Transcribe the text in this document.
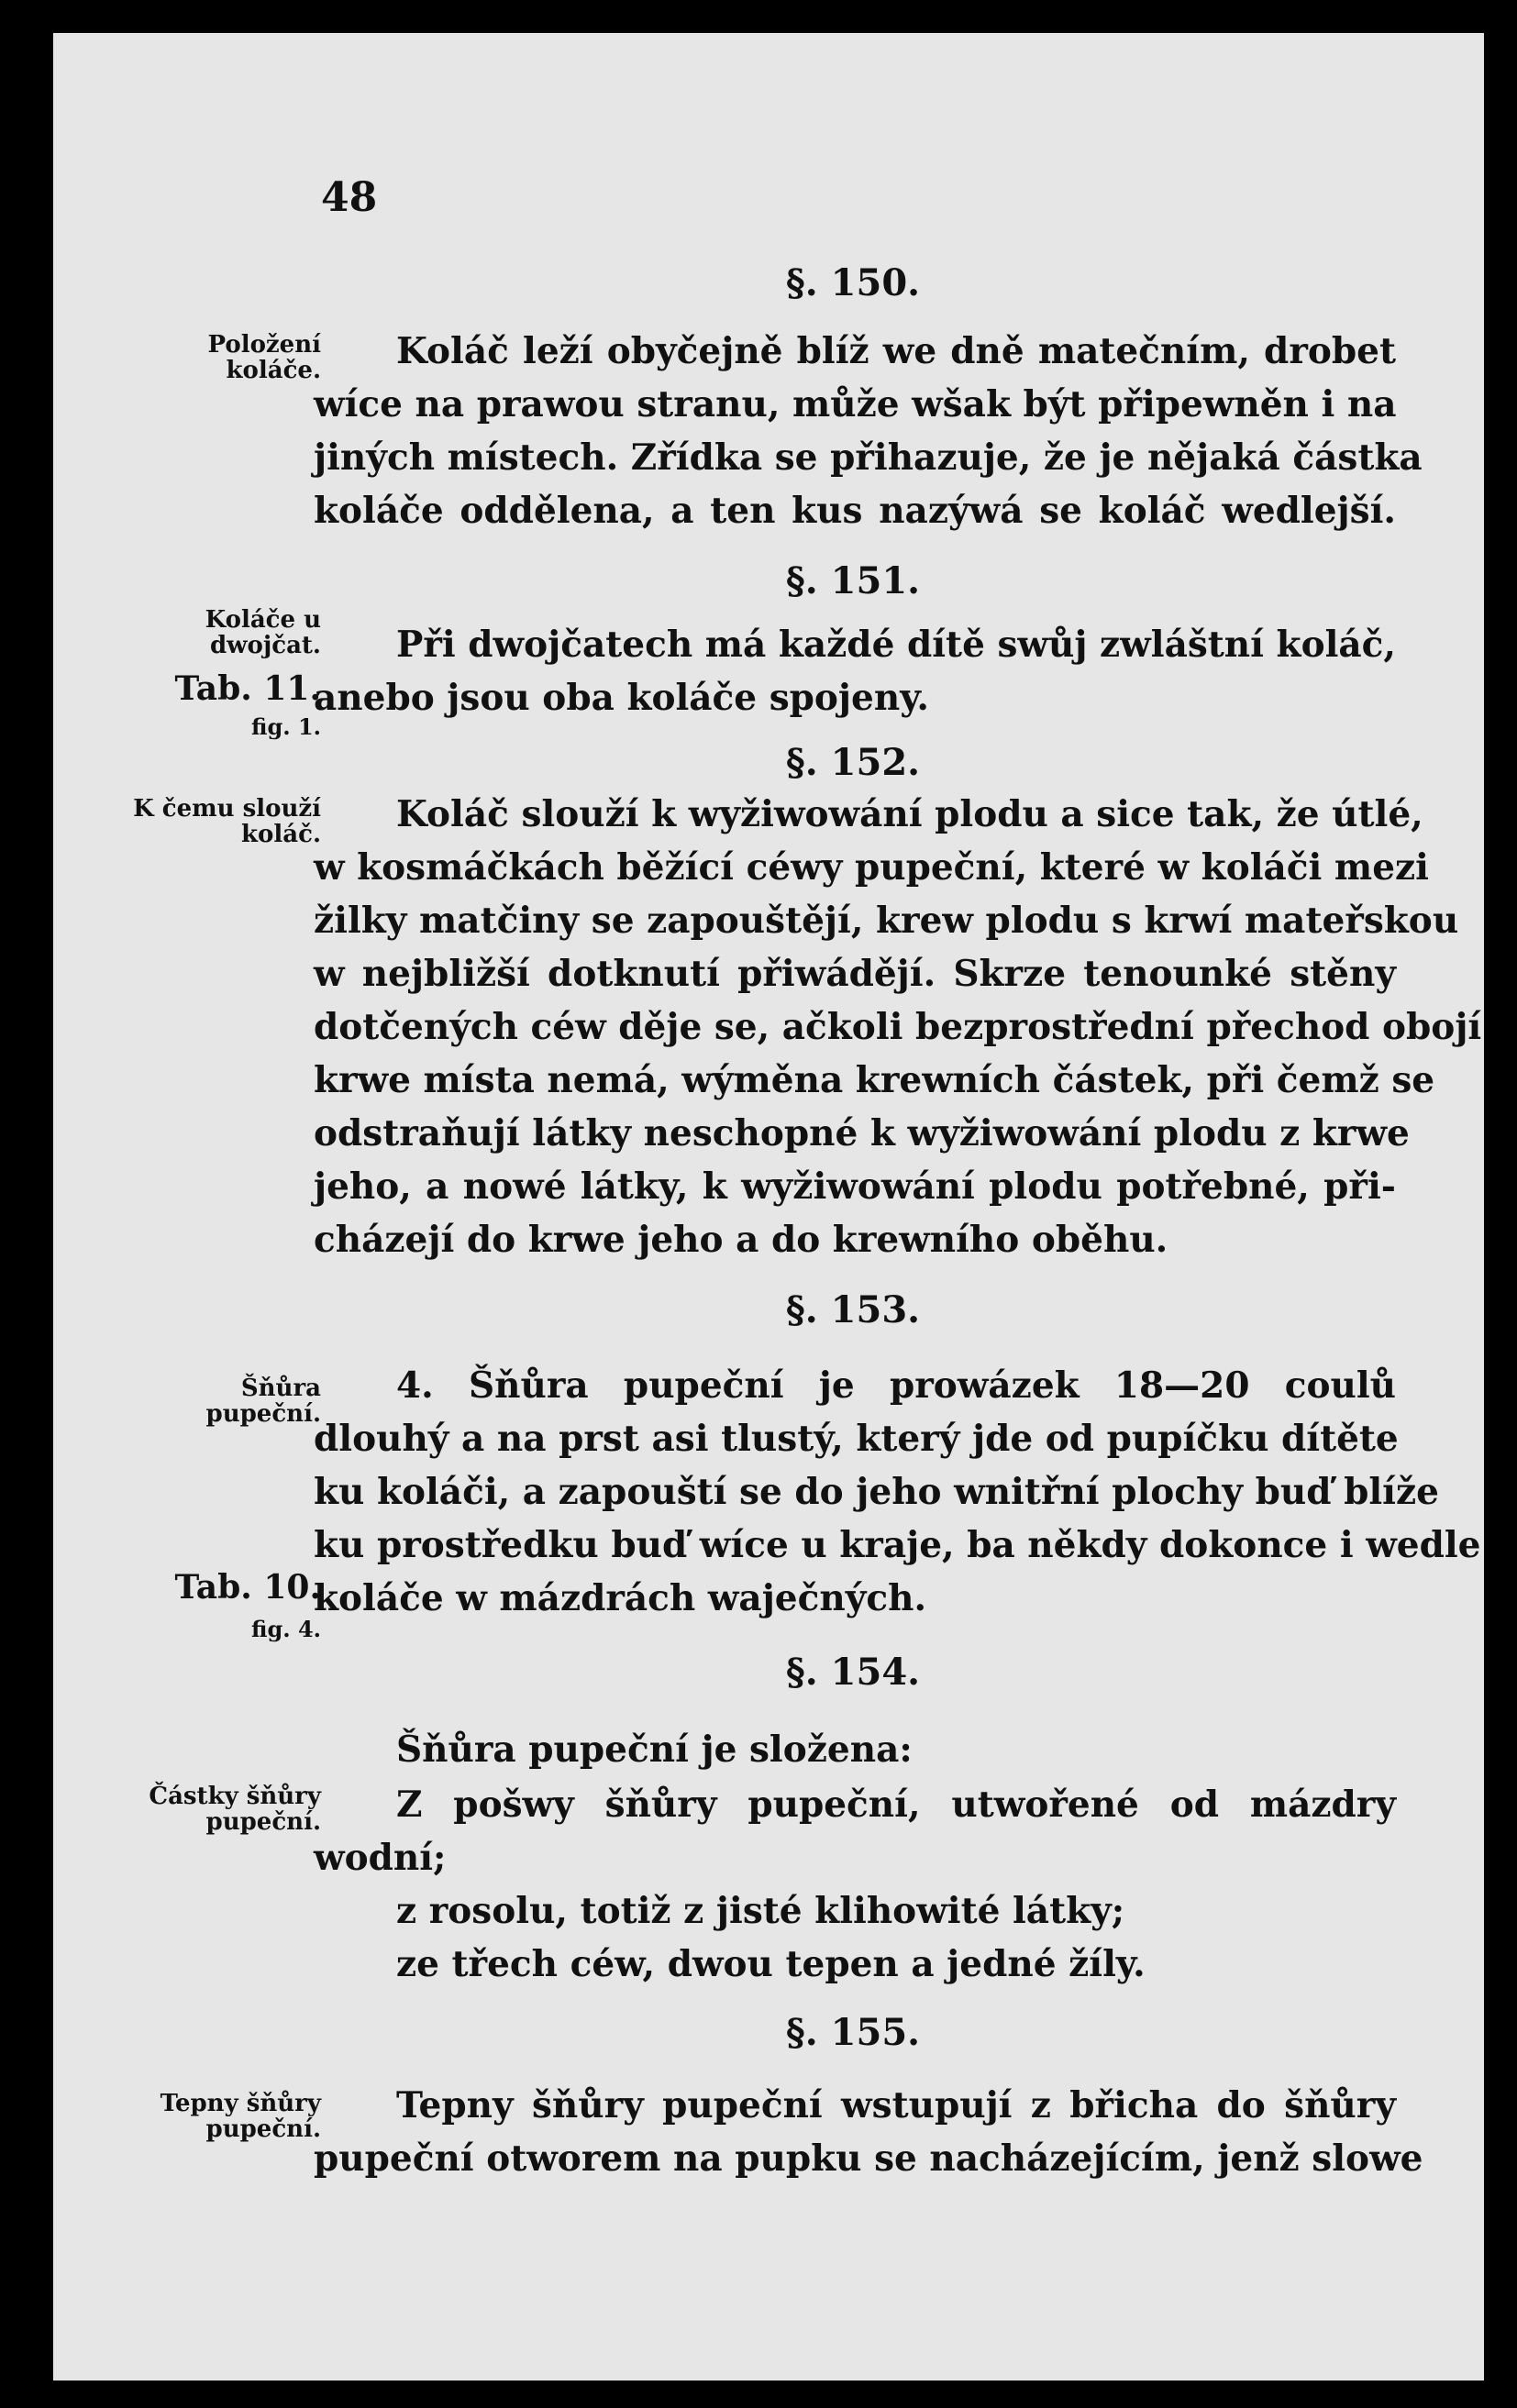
48
§. 150.
Položení koláče. Koláč leží obyčejně blíž we dně matečním, drobet
wíce na prawou stranu, může wšak být připewněn i na
jiných místech. Zřídka se přihazuje, že je nějaká částka
koláče oddělena, a ten kus nazýwá se koláč wedlejší.
§. 151.
Koláče u dwojčat.
Tab. 11.
fig. 1.
Při dwojčatech má každé dítě swůj zwláštní koláč,
anebo jsou oba koláče spojeny.
§. 152.
K čemu slouží koláč. Koláč slouží k wyžiwowání plodu a sice tak, že útlé,
w kosmáčkách běžící céwy pupeční, které w koláči mezi
žilky matčiny se zapouštějí, krew plodu s krwí mateřskou
w nejbližší dotknutí přiwádějí. Skrze tenounké stěny
dotčených céw děje se, ačkoli bezprostřední přechod obojí
krwe místa nemá, wýměna krewních částek, při čemž se
odstraňují látky neschopné k wyžiwowání plodu z krwe
jeho, a nowé látky, k wyžiwowání plodu potřebné, při-
cházejí do krwe jeho a do krewního oběhu.
§. 153.
Šňůra pupeční.
Tab. 10.
fig. 4.
4. Šňůra pupeční je prowázek 18—20 coulů
dlouhý a na prst asi tlustý, který jde od pupíčku dítěte
ku koláči, a zapouští se do jeho wnitřní plochy buď blíže
ku prostředku buď wíce u kraje, ba někdy dokonce i wedle
koláče w mázdrách waječných.
§. 154.
Částky šňůry pupeční.
Šňůra pupeční je složena:
Z pošwy šňůry pupeční, utwořené od mázdry
wodní;
z rosolu, totiž z jisté klihowité látky;
ze třech céw, dwou tepen a jedné žíly.
§. 155.
Tepny šňůry pupeční.
Tepny šňůry pupeční wstupují z břicha do šňůry
pupeční otworem na pupku se nacházejícím, jenž slowe
